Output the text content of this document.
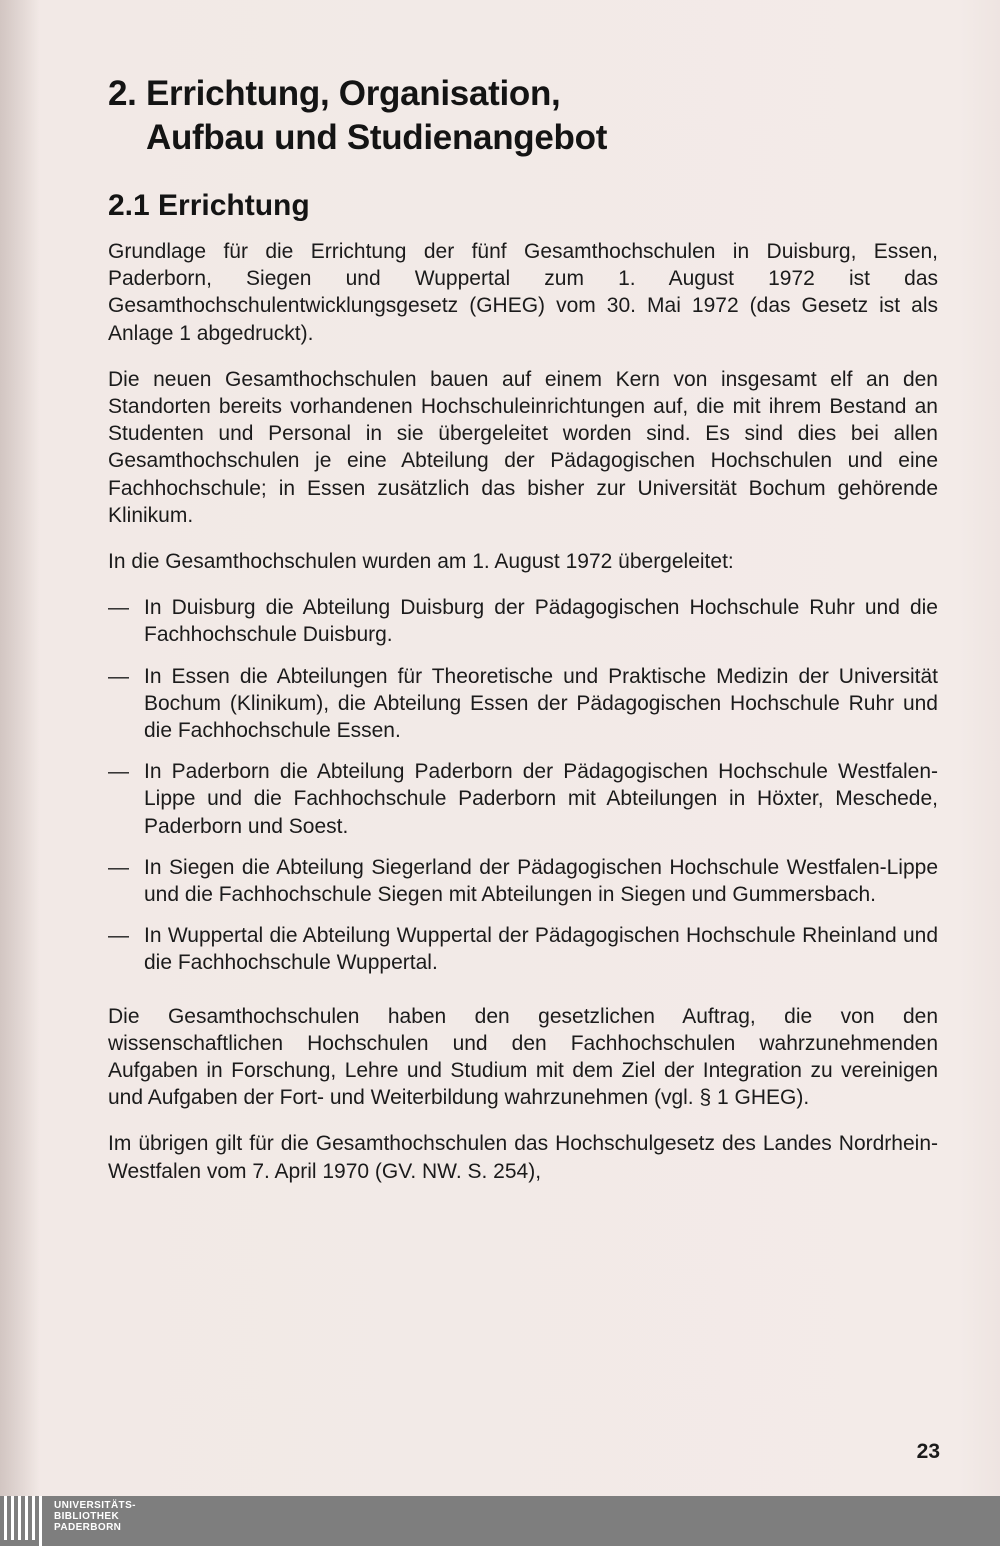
2. Errichtung, Organisation,
Aufbau und Studienangebot
2.1 Errichtung

Grundlage für die Errichtung der fünf Gesamthochschulen in Duisburg, Essen, Paderborn, Siegen und Wuppertal zum 1. August 1972 ist das Gesamthochschulentwicklungsgesetz (GHEG) vom 30. Mai 1972 (das Gesetz ist als Anlage 1 abgedruckt).

Die neuen Gesamthochschulen bauen auf einem Kern von insgesamt elf an den Standorten bereits vorhandenen Hochschuleinrichtungen auf, die mit ihrem Bestand an Studenten und Personal in sie übergeleitet worden sind. Es sind dies bei allen Gesamthochschulen je eine Abteilung der Pädagogischen Hochschulen und eine Fachhochschule; in Essen zusätzlich das bisher zur Universität Bochum gehörende Klinikum.

In die Gesamthochschulen wurden am 1. August 1972 übergeleitet:

— In Duisburg die Abteilung Duisburg der Pädagogischen Hochschule Ruhr und die Fachhochschule Duisburg.
— In Essen die Abteilungen für Theoretische und Praktische Medizin der Universität Bochum (Klinikum), die Abteilung Essen der Pädagogischen Hochschule Ruhr und die Fachhochschule Essen.
— In Paderborn die Abteilung Paderborn der Pädagogischen Hochschule Westfalen-Lippe und die Fachhochschule Paderborn mit Abteilungen in Höxter, Meschede, Paderborn und Soest.
— In Siegen die Abteilung Siegerland der Pädagogischen Hochschule Westfalen-Lippe und die Fachhochschule Siegen mit Abteilungen in Siegen und Gummersbach.
— In Wuppertal die Abteilung Wuppertal der Pädagogischen Hochschule Rheinland und die Fachhochschule Wuppertal.

Die Gesamthochschulen haben den gesetzlichen Auftrag, die von den wissenschaftlichen Hochschulen und den Fachhochschulen wahrzunehmenden Aufgaben in Forschung, Lehre und Studium mit dem Ziel der Integration zu vereinigen und Aufgaben der Fort- und Weiterbildung wahrzunehmen (vgl. § 1 GHEG).

Im übrigen gilt für die Gesamthochschulen das Hochschulgesetz des Landes Nordrhein-Westfalen vom 7. April 1970 (GV. NW. S. 254),

23
UNIVERSITÄTS-
BIBLIOTHEK
PADERBORN
